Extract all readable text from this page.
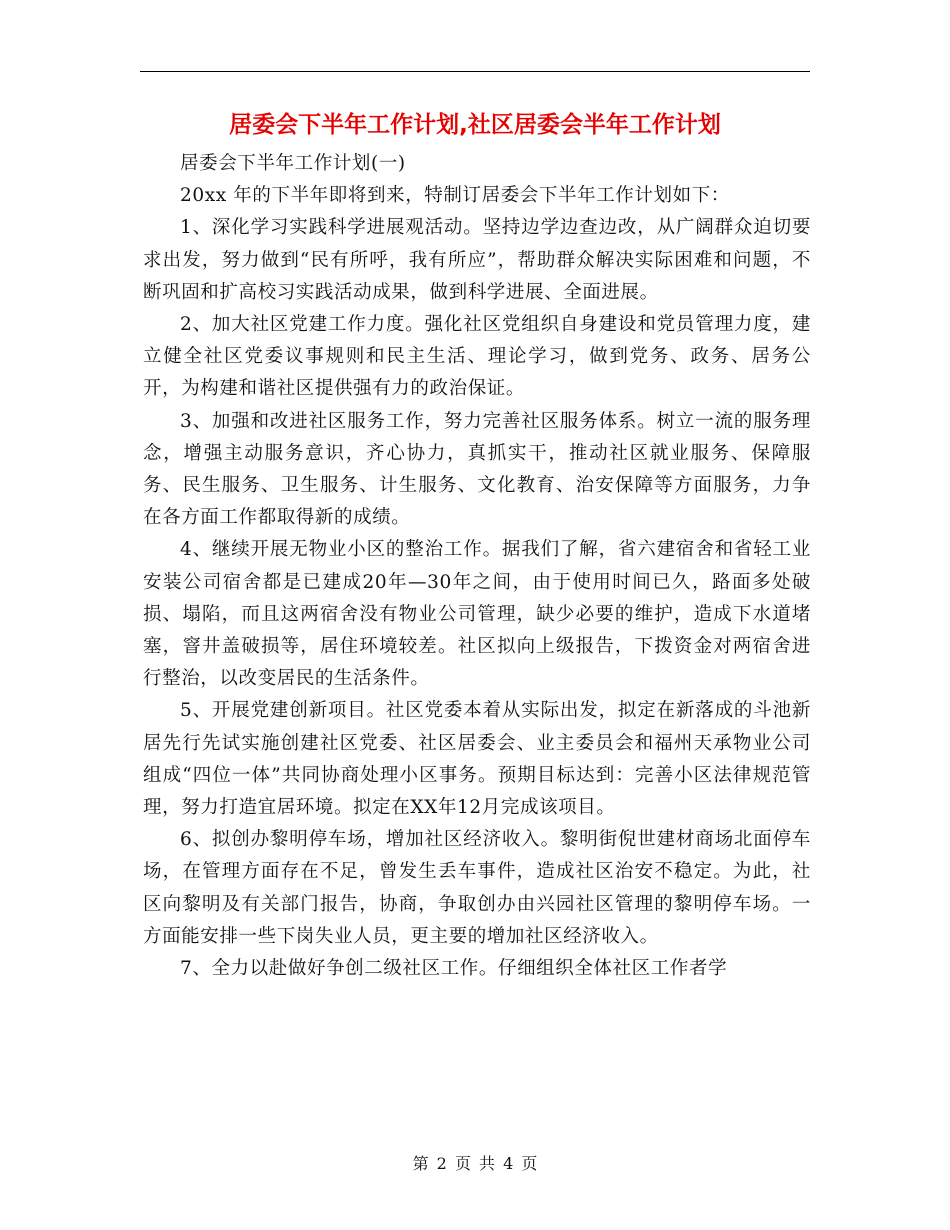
居委会下半年工作计划,社区居委会半年工作计划

居委会下半年工作计划(一)

20xx 年的下半年即将到来，特制订居委会下半年工作计划如下：

1、深化学习实践科学进展观活动。坚持边学边查边改，从广阔群众迫切要求出发，努力做到“民有所呼，我有所应”，帮助群众解决实际困难和问题，不断巩固和扩高校习实践活动成果，做到科学进展、全面进展。

2、加大社区党建工作力度。强化社区党组织自身建设和党员管理力度，建立健全社区党委议事规则和民主生活、理论学习，做到党务、政务、居务公开，为构建和谐社区提供强有力的政治保证。

3、加强和改进社区服务工作，努力完善社区服务体系。树立一流的服务理念，增强主动服务意识，齐心协力，真抓实干，推动社区就业服务、保障服务、民生服务、卫生服务、计生服务、文化教育、治安保障等方面服务，力争在各方面工作都取得新的成绩。

4、继续开展无物业小区的整治工作。据我们了解，省六建宿舍和省轻工业安装公司宿舍都是已建成20年—30年之间，由于使用时间已久，路面多处破损、塌陷，而且这两宿舍没有物业公司管理，缺少必要的维护，造成下水道堵塞，窨井盖破损等，居住环境较差。社区拟向上级报告，下拨资金对两宿舍进行整治，以改变居民的生活条件。

5、开展党建创新项目。社区党委本着从实际出发，拟定在新落成的斗池新居先行先试实施创建社区党委、社区居委会、业主委员会和福州天承物业公司组成“四位一体”共同协商处理小区事务。预期目标达到：完善小区法律规范管理，努力打造宜居环境。拟定在XX年12月完成该项目。

6、拟创办黎明停车场，增加社区经济收入。黎明街倪世建材商场北面停车场，在管理方面存在不足，曾发生丢车事件，造成社区治安不稳定。为此，社区向黎明及有关部门报告，协商，争取创办由兴园社区管理的黎明停车场。一方面能安排一些下岗失业人员，更主要的增加社区经济收入。

7、全力以赴做好争创二级社区工作。仔细组织全体社区工作者学

第 2 页 共 4 页
